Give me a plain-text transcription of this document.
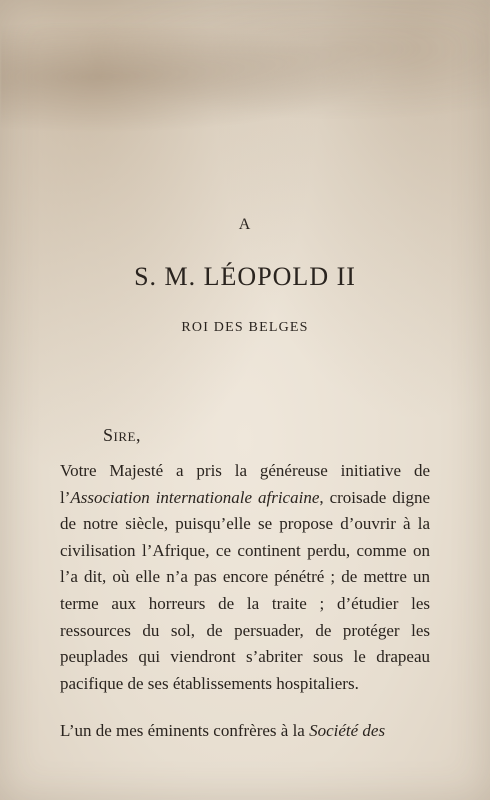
A
S. M. LÉOPOLD II
ROI DES BELGES
Sire,
Votre Majesté a pris la généreuse initiative de l’Association internationale africaine, croisade digne de notre siècle, puisqu’elle se propose d’ouvrir à la civilisation l’Afrique, ce continent perdu, comme on l’a dit, où elle n’a pas encore pénétré ; de mettre un terme aux horreurs de la traite ; d’étudier les ressources du sol, de persuader, de protéger les peuplades qui viendront s’abriter sous le drapeau pacifique de ses établissements hospitaliers.
L’un de mes éminents confrères à la Société des
